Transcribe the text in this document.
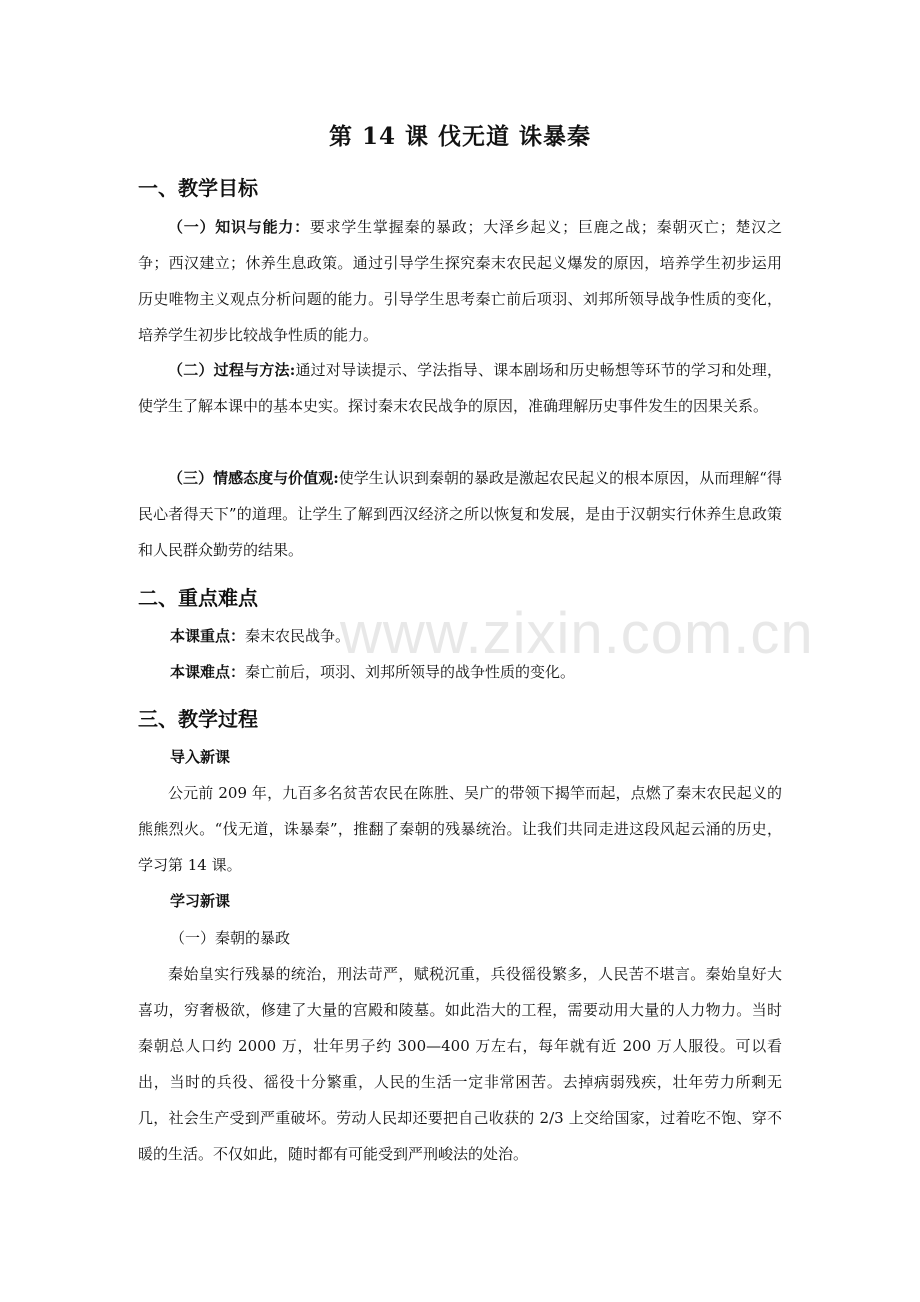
第 14 课 伐无道 诛暴秦
一、教学目标
（一）知识与能力：要求学生掌握秦的暴政；大泽乡起义；巨鹿之战；秦朝灭亡；楚汉之争；西汉建立；休养生息政策。通过引导学生探究秦末农民起义爆发的原因，培养学生初步运用历史唯物主义观点分析问题的能力。引导学生思考秦亡前后项羽、刘邦所领导战争性质的变化，培养学生初步比较战争性质的能力。
（二）过程与方法:通过对导读提示、学法指导、课本剧场和历史畅想等环节的学习和处理，使学生了解本课中的基本史实。探讨秦末农民战争的原因，准确理解历史事件发生的因果关系。
（三）情感态度与价值观:使学生认识到秦朝的暴政是激起农民起义的根本原因，从而理解“得民心者得天下”的道理。让学生了解到西汉经济之所以恢复和发展，是由于汉朝实行休养生息政策和人民群众勤劳的结果。
二、重点难点
本课重点：秦末农民战争。
本课难点：秦亡前后，项羽、刘邦所领导的战争性质的变化。
三、教学过程
导入新课
公元前 209 年，九百多名贫苦农民在陈胜、吴广的带领下揭竿而起，点燃了秦末农民起义的熊熊烈火。“伐无道，诛暴秦”，推翻了秦朝的残暴统治。让我们共同走进这段风起云涌的历史，学习第 14 课。
学习新课
（一）秦朝的暴政
秦始皇实行残暴的统治，刑法苛严，赋税沉重，兵役徭役繁多，人民苦不堪言。秦始皇好大喜功，穷奢极欲，修建了大量的宫殿和陵墓。如此浩大的工程，需要动用大量的人力物力。当时秦朝总人口约 2000 万，壮年男子约 300—400 万左右，每年就有近 200 万人服役。可以看出，当时的兵役、徭役十分繁重，人民的生活一定非常困苦。去掉病弱残疾，壮年劳力所剩无几，社会生产受到严重破坏。劳动人民却还要把自己收获的 2/3 上交给国家，过着吃不饱、穿不暖的生活。不仅如此，随时都有可能受到严刑峻法的处治。
www.zixin.com.cn
